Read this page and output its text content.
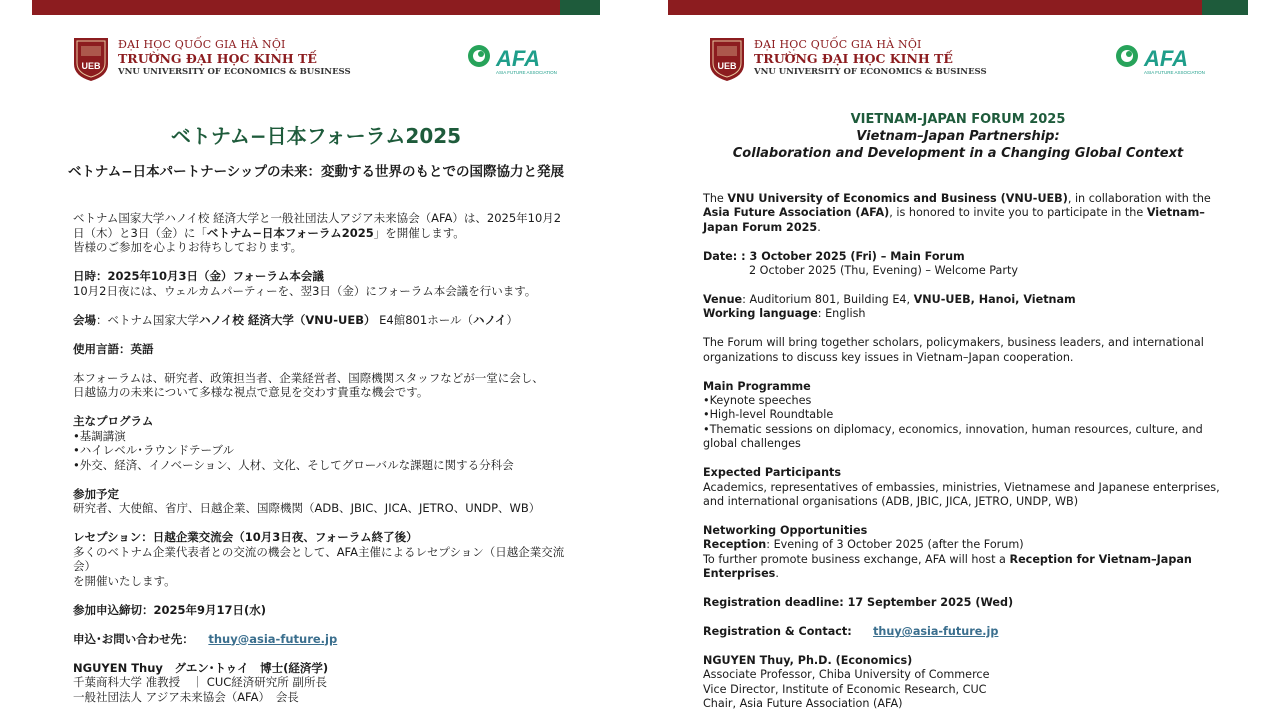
UEB
ĐẠI HỌC QUỐC GIA HÀ NỘI
TRƯỜNG ĐẠI HỌC KINH TẾ
VNU UNIVERSITY OF ECONOMICS & BUSINESS
AFA
ASIA FUTURE ASSOCIATION
ベトナム−日本フォーラム2025
ベトナム−日本パートナーシップの未来：変動する世界のもとでの国際協力と発展

ベトナム国家大学ハノイ校 経済大学と一般社団法人アジア未来協会（AFA）は、2025年10月2
日（木）と3日（金）に「ベトナム−日本フォーラム2025」を開催します。
皆様のご参加を心よりお待ちしております。

日時：2025年10月3日（金）フォーラム本会議
10月2日夜には、ウェルカムパーティーを、翌3日（金）にフォーラム本会議を行います。

会場：ベトナム国家大学ハノイ校 経済大学（VNU-UEB） E4館801ホール（ハノイ）

使用言語：英語

本フォーラムは、研究者、政策担当者、企業経営者、国際機関スタッフなどが一堂に会し、
日越協力の未来について多様な視点で意見を交わす貴重な機会です。

主なプログラム
•基調講演
•ハイレベル･ラウンドテーブル
•外交、経済、イノベーション、人材、文化、そしてグローバルな課題に関する分科会

参加予定
研究者、大使館、省庁、日越企業、国際機関（ADB、JBIC、JICA、JETRO、UNDP、WB）

レセプション：日越企業交流会（10月3日夜、フォーラム終了後）
多くのベトナム企業代表者との交流の機会として、AFA主催によるレセプション（日越企業交流会）
を開催いたします。

参加申込締切：2025年9月17日(水)

申込･お問い合わせ先： thuy@asia-future.jp

NGUYEN Thuy　グエン･トゥイ　博士(経済学)
千葉商科大学 准教授　｜ CUC経済研究所 副所長
一般社団法人 アジア未来協会（AFA）　会長

UEB
ĐẠI HỌC QUỐC GIA HÀ NỘI
TRƯỜNG ĐẠI HỌC KINH TẾ
VNU UNIVERSITY OF ECONOMICS & BUSINESS
AFA
ASIA FUTURE ASSOCIATION
VIETNAM-JAPAN FORUM 2025
Vietnam–Japan Partnership:
Collaboration and Development in a Changing Global Context

The VNU University of Economics and Business (VNU-UEB), in collaboration with the Asia Future Association (AFA), is honored to invite you to participate in the Vietnam–Japan Forum 2025.

Date: : 3 October 2025 (Fri) – Main Forum
2 October 2025 (Thu, Evening) – Welcome Party

Venue: Auditorium 801, Building E4, VNU-UEB, Hanoi, Vietnam
Working language: English

The Forum will bring together scholars, policymakers, business leaders, and international organizations to discuss key issues in Vietnam–Japan cooperation.

Main Programme
•Keynote speeches
•High-level Roundtable
•Thematic sessions on diplomacy, economics, innovation, human resources, culture, and global challenges

Expected Participants
Academics, representatives of embassies, ministries, Vietnamese and Japanese enterprises, and international organisations (ADB, JBIC, JICA, JETRO, UNDP, WB)

Networking Opportunities
Reception: Evening of 3 October 2025 (after the Forum)
To further promote business exchange, AFA will host a Reception for Vietnam–Japan Enterprises.

Registration deadline: 17 September 2025 (Wed)

Registration & Contact: thuy@asia-future.jp

NGUYEN Thuy, Ph.D. (Economics)
Associate Professor, Chiba University of Commerce
Vice Director, Institute of Economic Research, CUC
Chair, Asia Future Association (AFA)
